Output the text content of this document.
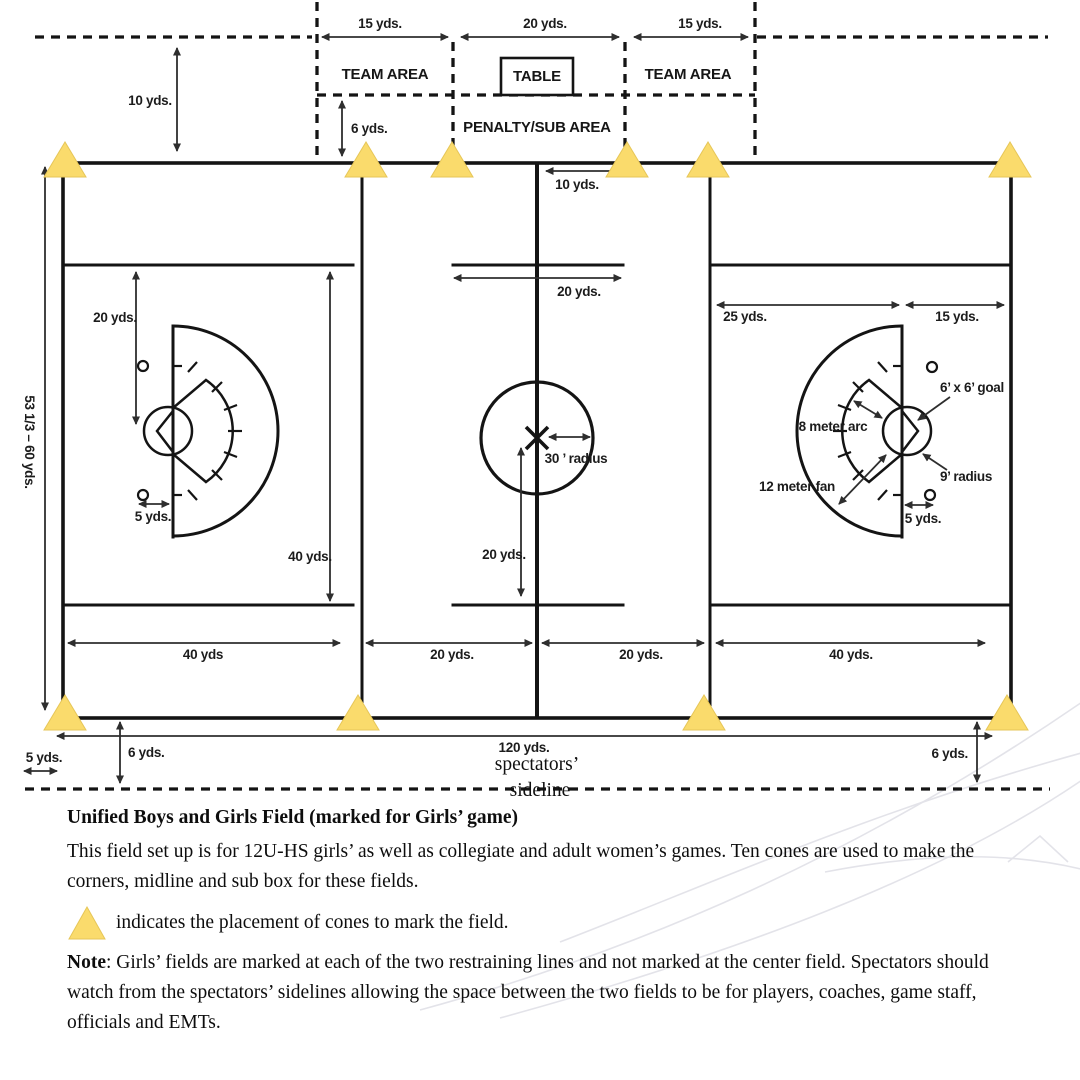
15 yds.	20 yds.	15 yds.
TEAM AREA	TABLE	TEAM AREA
PENALTY/SUB AREA
6 yds.
10 yds.
53 1/3 – 60 yds.
5 yds.
20 yds.
40 yds.
5 yds.
25 yds.	15 yds.
6’ x 6’ goal
8 meter arc
12 meter fan
9’ radius
10 yds.
20 yds.
30 ’ radius
20 yds.
40 yds	20 yds.	20 yds.	40 yds.
120 yds.
spectators’
sideline
5 yds.	6 yds.	6 yds.
Unified Boys and Girls Field (marked for Girls’ game)

This field set up is for 12U-HS girls’ as well as collegiate and adult women’s games. Ten cones are used to make the corners, midline and sub box for these fields.

indicates the placement of cones to mark the field.

Note: Girls’ fields are marked at each of the two restraining lines and not marked at the center field. Spectators should watch from the spectators’ sidelines allowing the space between the two fields to be for players, coaches, game staff, officials and EMTs.
